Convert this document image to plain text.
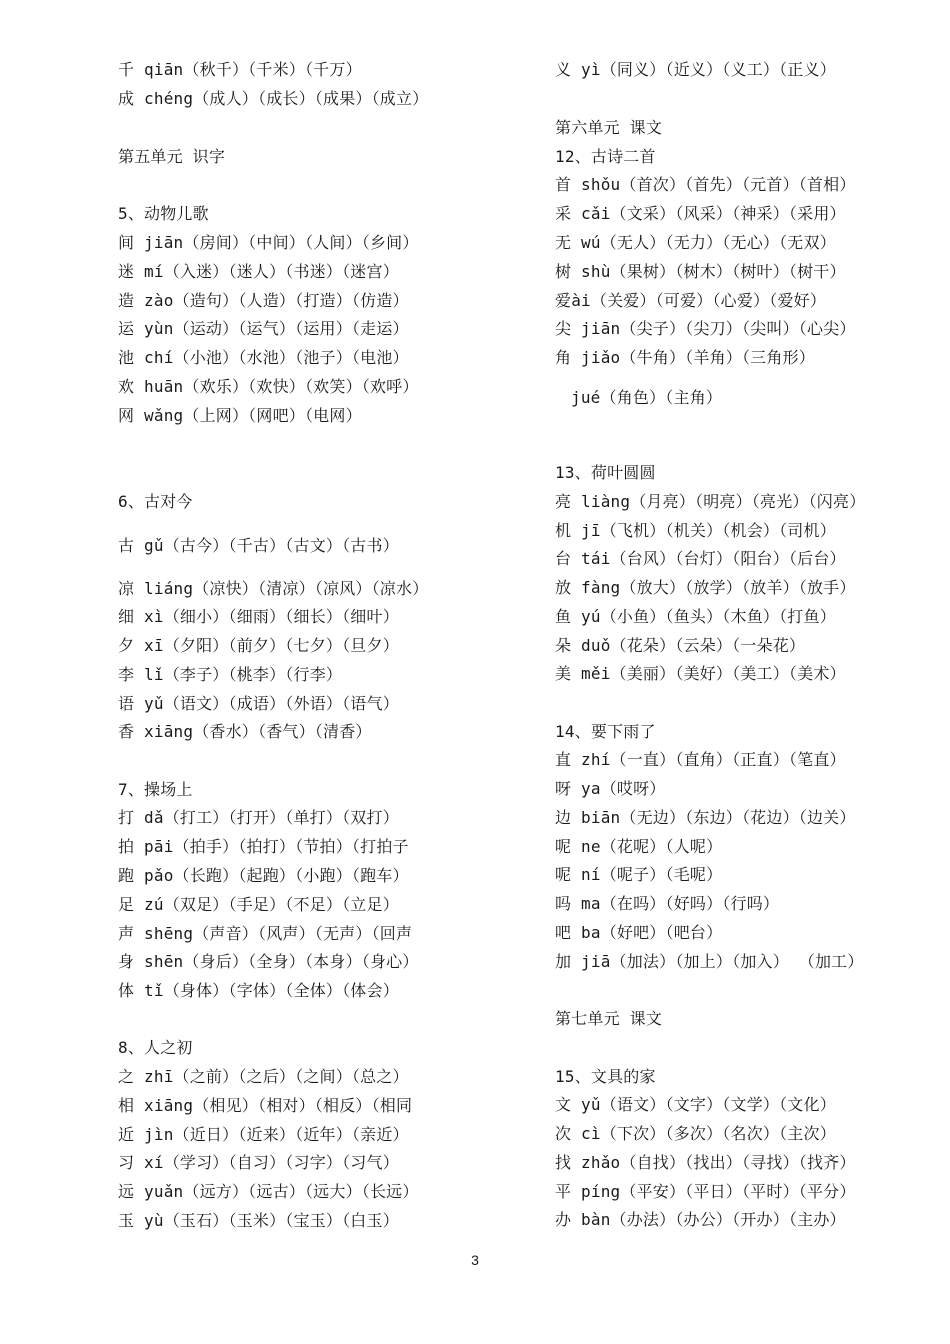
千 qiān（秋千）（千米）（千万）
成 chéng（成人）（成长）（成果）（成立）
第五单元 识字
5、动物儿歌
间 jiān（房间）（中间）（人间）（乡间）
迷 mí（入迷）（迷人）（书迷）（迷宫）
造 zào（造句）（人造）（打造）（仿造）
运 yùn（运动）（运气）（运用）（走运）
池 chí（小池）（水池）（池子）（电池）
欢 huān（欢乐）（欢快）（欢笑）（欢呼）
网 wǎng（上网）（网吧）（电网）
6、古对今
古 gǔ（古今）（千古）（古文）（古书）
凉 liáng（凉快）（清凉）（凉风）（凉水）
细 xì（细小）（细雨）（细长）（细叶）
夕 xī（夕阳）（前夕）（七夕）（旦夕）
李 lǐ（李子）（桃李）（行李）
语 yǔ（语文）（成语）（外语）（语气）
香 xiāng（香水）（香气）（清香）
7、操场上
打 dǎ（打工）（打开）（单打）（双打）
拍 pāi（拍手）（拍打）（节拍）（打拍子
跑 pǎo（长跑）（起跑）（小跑）（跑车）
足 zú（双足）（手足）（不足）（立足）
声 shēng（声音）（风声）（无声）（回声
身 shēn（身后）（全身）（本身）（身心）
体 tǐ（身体）（字体）（全体）（体会）
8、人之初
之 zhī（之前）（之后）（之间）（总之）
相 xiāng（相见）（相对）（相反）（相同
近 jìn（近日）（近来）（近年）（亲近）
习 xí（学习）（自习）（习字）（习气）
远 yuǎn（远方）（远古）（远大）（长远）
玉 yù（玉石）（玉米）（宝玉）（白玉）
义 yì（同义）（近义）（义工）（正义）
第六单元 课文
12、古诗二首
首 shǒu（首次）（首先）（元首）（首相）
采 cǎi（文采）（风采）（神采）（采用）
无 wú（无人）（无力）（无心）（无双）
树 shù（果树）（树木）（树叶）（树干）
爱ài（关爱）（可爱）（心爱）（爱好）
尖 jiān（尖子）（尖刀）（尖叫）（心尖）
角 jiǎo（牛角）（羊角）（三角形）
jué（角色）（主角）
13、荷叶圆圆
亮 liàng（月亮）（明亮）（亮光）（闪亮）
机 jī（飞机）（机关）（机会）（司机）
台 tái（台风）（台灯）（阳台）（后台）
放 fàng（放大）（放学）（放羊）（放手）
鱼 yú（小鱼）（鱼头）（木鱼）（打鱼）
朵 duǒ（花朵）（云朵）（一朵花）
美 měi（美丽）（美好）（美工）（美术）
14、要下雨了
直 zhí（一直）（直角）（正直）（笔直）
呀 ya（哎呀）
边 biān（无边）（东边）（花边）（边关）
呢 ne（花呢）（人呢）
呢 ní（呢子）（毛呢）
吗 ma（在吗）（好吗）（行吗）
吧 ba（好吧）（吧台）
加 jiā（加法）（加上）（加入） （加工）
第七单元 课文
15、文具的家
文 yǔ（语文）（文字）（文学）（文化）
次 cì（下次）（多次）（名次）（主次）
找 zhǎo（自找）（找出）（寻找）（找齐）
平 píng（平安）（平日）（平时）（平分）
办 bàn（办法）（办公）（开办）（主办）
3
